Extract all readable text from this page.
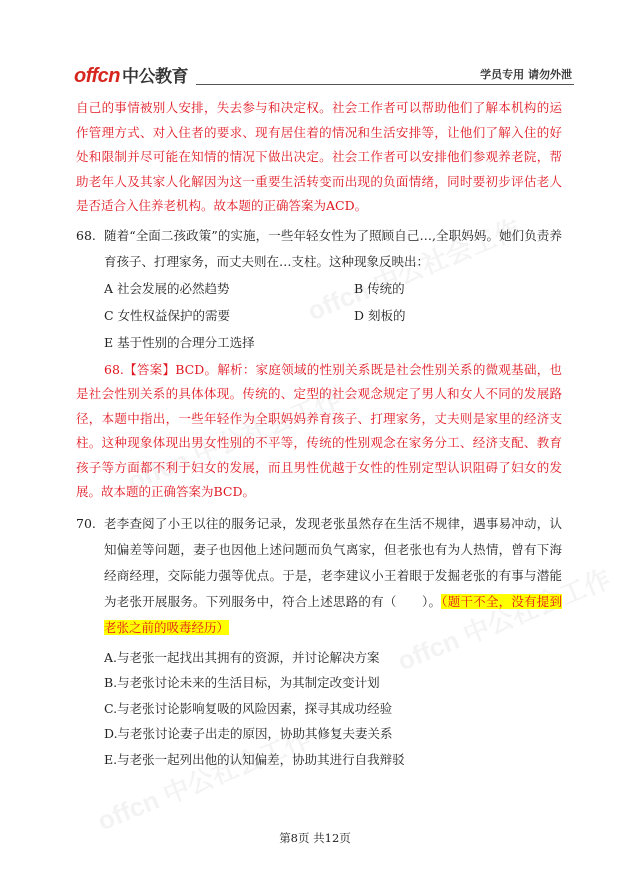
offcn 中公教育	学员专用 请勿外泄

自己的事情被别人安排，失去参与和决定权。社会工作者可以帮助他们了解本机构的运作管理方式、对入住者的要求、现有居住着的情况和生活安排等，让他们了解入住的好处和限制并尽可能在知情的情况下做出决定。社会工作者可以安排他们参观养老院，帮助老年人及其家人化解因为这一重要生活转变而出现的负面情绪，同时要初步评估老人是否适合入住养老机构。故本题的正确答案为ACD。

68. 随着“全面二孩政策”的实施，一些年轻女性为了照顾自己…,全职妈妈。她们负责养育孩子、打理家务，而丈夫则在…支柱。这种现象反映出：
A 社会发展的必然趋势	B 传统的
C 女性权益保护的需要	D 刻板的
E 基于性别的合理分工选择

68.【答案】BCD。解析：家庭领域的性别关系既是社会性别关系的微观基础，也是社会性别关系的具体体现。传统的、定型的社会观念规定了男人和女人不同的发展路径，本题中指出，一些年轻作为全职妈妈养育孩子、打理家务，丈夫则是家里的经济支柱。这种现象体现出男女性别的不平等，传统的性别观念在家务分工、经济支配、教育孩子等方面都不利于妇女的发展，而且男性优越于女性的性别定型认识阻碍了妇女的发展。故本题的正确答案为BCD。

70. 老李查阅了小王以往的服务记录，发现老张虽然存在生活不规律，遇事易冲动，认知偏差等问题，妻子也因他上述问题而负气离家，但老张也有为人热情，曾有下海经商经理，交际能力强等优点。于是，老李建议小王着眼于发掘老张的有事与潜能为老张开展服务。下列服务中，符合上述思路的有（　　）。（题干不全，没有提到老张之前的吸毒经历）
A.与老张一起找出其拥有的资源，并讨论解决方案
B.与老张讨论未来的生活目标，为其制定改变计划
C.与老张讨论影响复吸的风险因素，探寻其成功经验
D.与老张讨论妻子出走的原因，协助其修复夫妻关系
E.与老张一起列出他的认知偏差，协助其进行自我辩驳
第8页 共12页
